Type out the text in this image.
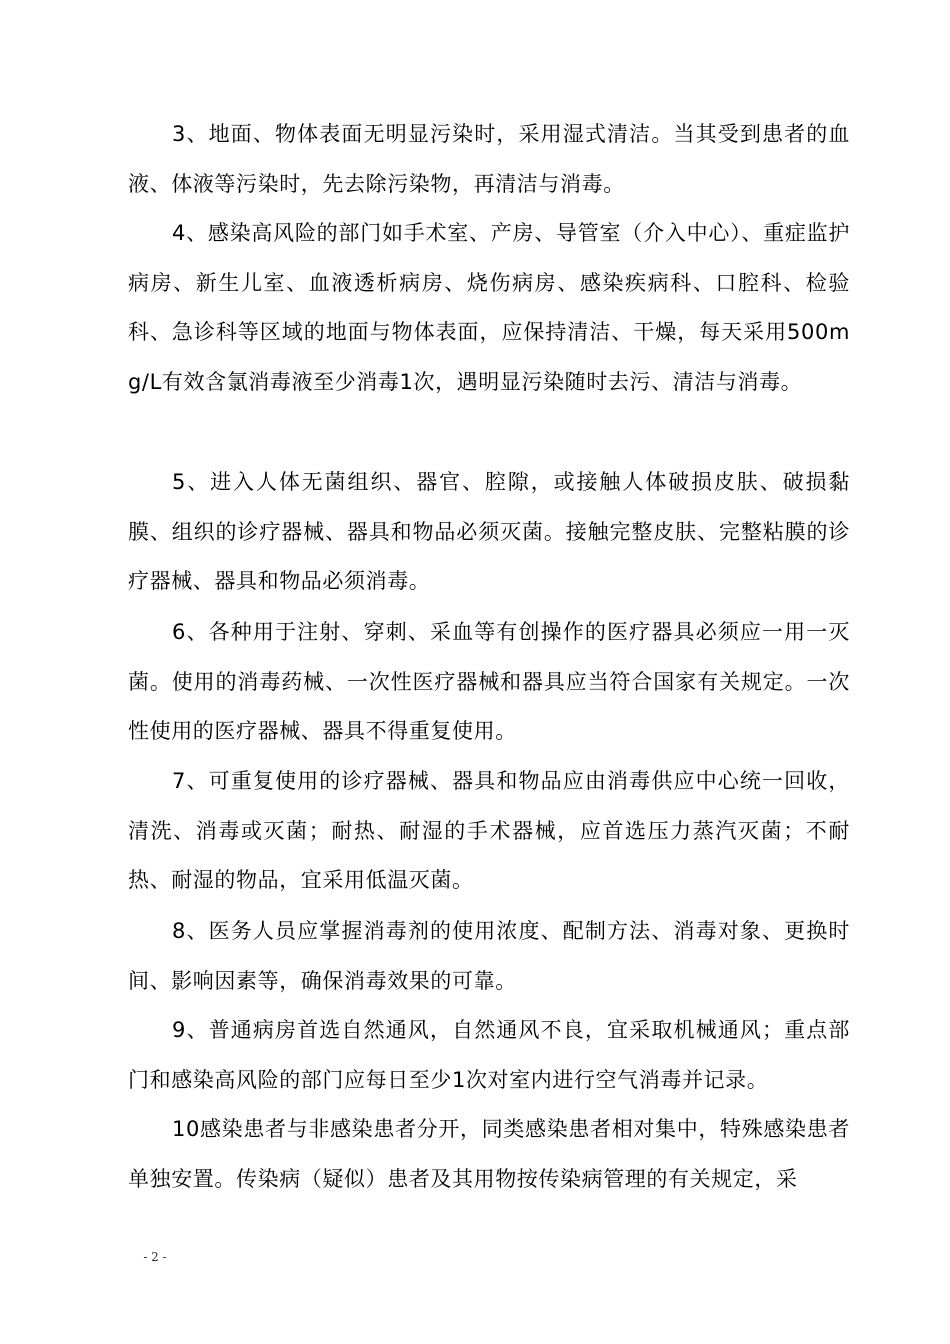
3、地面、物体表面无明显污染时，采用湿式清洁。当其受到患者的血液、体液等污染时，先去除污染物，再清洁与消毒。

4、感染高风险的部门如手术室、产房、导管室（介入中心）、重症监护病房、新生儿室、血液透析病房、烧伤病房、感染疾病科、口腔科、检验科、急诊科等区域的地面与物体表面，应保持清洁、干燥，每天采用500mg/L有效含氯消毒液至少消毒1次，遇明显污染随时去污、清洁与消毒。

5、进入人体无菌组织、器官、腔隙，或接触人体破损皮肤、破损黏膜、组织的诊疗器械、器具和物品必须灭菌。接触完整皮肤、完整粘膜的诊疗器械、器具和物品必须消毒。

6、各种用于注射、穿刺、采血等有创操作的医疗器具必须应一用一灭菌。使用的消毒药械、一次性医疗器械和器具应当符合国家有关规定。一次性使用的医疗器械、器具不得重复使用。

7、可重复使用的诊疗器械、器具和物品应由消毒供应中心统一回收，清洗、消毒或灭菌；耐热、耐湿的手术器械，应首选压力蒸汽灭菌；不耐热、耐湿的物品，宜采用低温灭菌。

8、医务人员应掌握消毒剂的使用浓度、配制方法、消毒对象、更换时间、影响因素等，确保消毒效果的可靠。

9、普通病房首选自然通风，自然通风不良，宜采取机械通风；重点部门和感染高风险的部门应每日至少1次对室内进行空气消毒并记录。

10感染患者与非感染患者分开，同类感染患者相对集中，特殊感染患者单独安置。传染病（疑似）患者及其用物按传染病管理的有关规定，采

- 2 -
